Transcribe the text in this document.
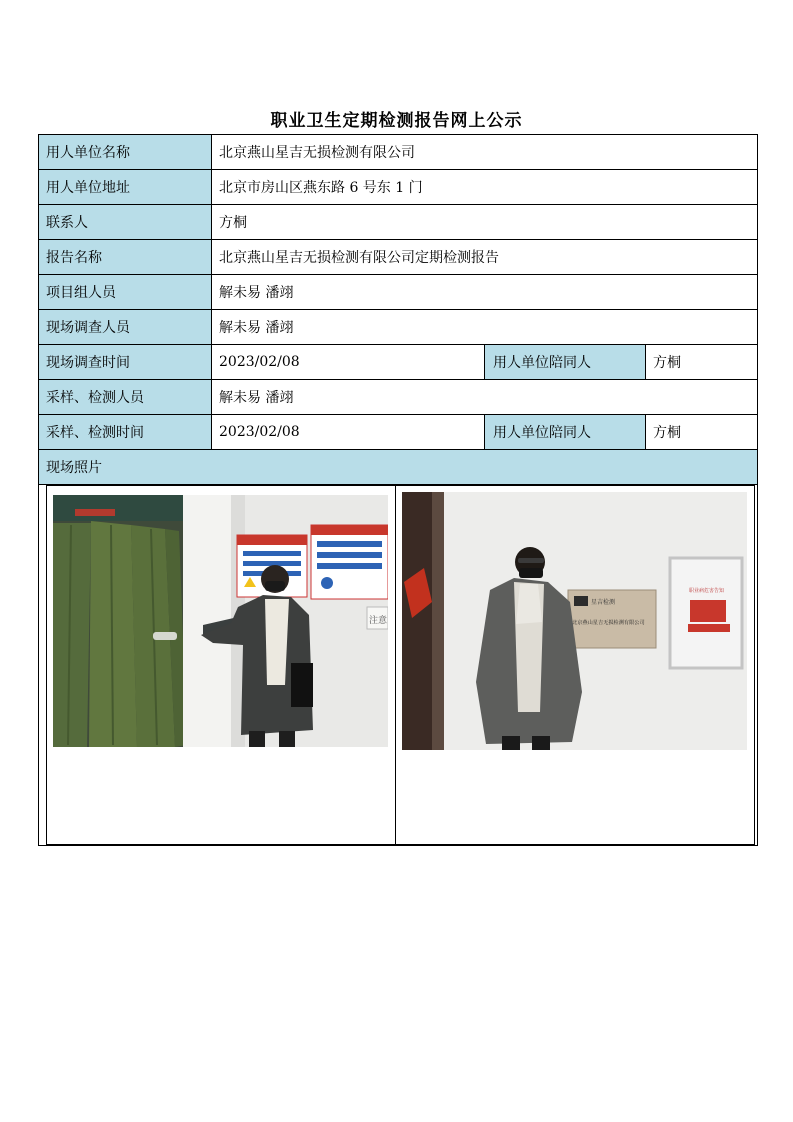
职业卫生定期检测报告网上公示
用人单位名称	北京燕山星吉无损检测有限公司		
用人单位地址	北京市房山区燕东路 6 号东 1 门		
联系人	方桐		
报告名称	北京燕山星吉无损检测有限公司定期检测报告		
项目组人员	解未易 潘翊		
现场调查人员	解未易 潘翊		
现场调查时间	2023/02/08	用人单位陪同人	方桐
采样、检测人员	解未易 潘翊		
采样、检测时间	2023/02/08	用人单位陪同人	方桐
现场照片			

注意
职业病危害告知
星吉检测
北京燕山星吉无损检测有限公司			
